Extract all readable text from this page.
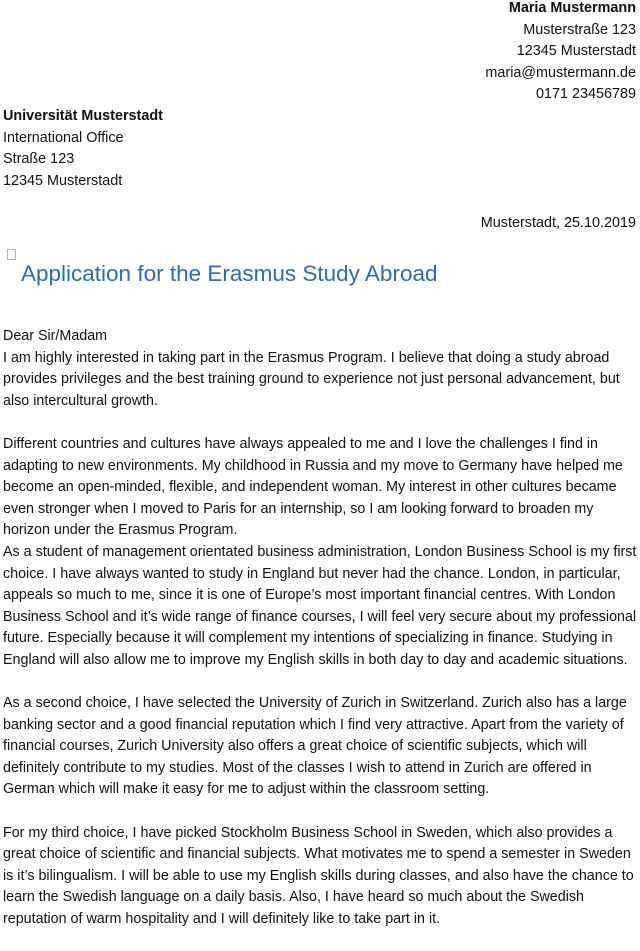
Maria Mustermann
Musterstraße 123
12345 Musterstadt
maria@mustermann.de
0171 23456789
Universität Musterstadt
International Office
Straße 123
12345 Musterstadt
Musterstadt, 25.10.2019
Application for the Erasmus Study Abroad

Dear Sir/Madam

I am highly interested in taking part in the Erasmus Program. I believe that doing a study abroad provides privileges and the best training ground to experience not just personal advancement, but also intercultural growth.

Different countries and cultures have always appealed to me and I love the challenges I find in adapting to new environments. My childhood in Russia and my move to Germany have helped me become an open-minded, flexible, and independent woman. My interest in other cultures became even stronger when I moved to Paris for an internship, so I am looking forward to broaden my horizon under the Erasmus Program.

As a student of management orientated business administration, London Business School is my first choice. I have always wanted to study in England but never had the chance. London, in particular, appeals so much to me, since it is one of Europe’s most important financial centres. With London Business School and it’s wide range of finance courses, I will feel very secure about my professional future. Especially because it will complement my intentions of specializing in finance. Studying in England will also allow me to improve my English skills in both day to day and academic situations.

As a second choice, I have selected the University of Zurich in Switzerland. Zurich also has a large banking sector and a good financial reputation which I find very attractive. Apart from the variety of financial courses, Zurich University also offers a great choice of scientific subjects, which will definitely contribute to my studies. Most of the classes I wish to attend in Zurich are offered in German which will make it easy for me to adjust within the classroom setting.

For my third choice, I have picked Stockholm Business School in Sweden, which also provides a great choice of scientific and financial subjects. What motivates me to spend a semester in Sweden is it’s bilingualism. I will be able to use my English skills during classes, and also have the chance to learn the Swedish language on a daily basis. Also, I have heard so much about the Swedish reputation of warm hospitality and I will definitely like to take part in it.
